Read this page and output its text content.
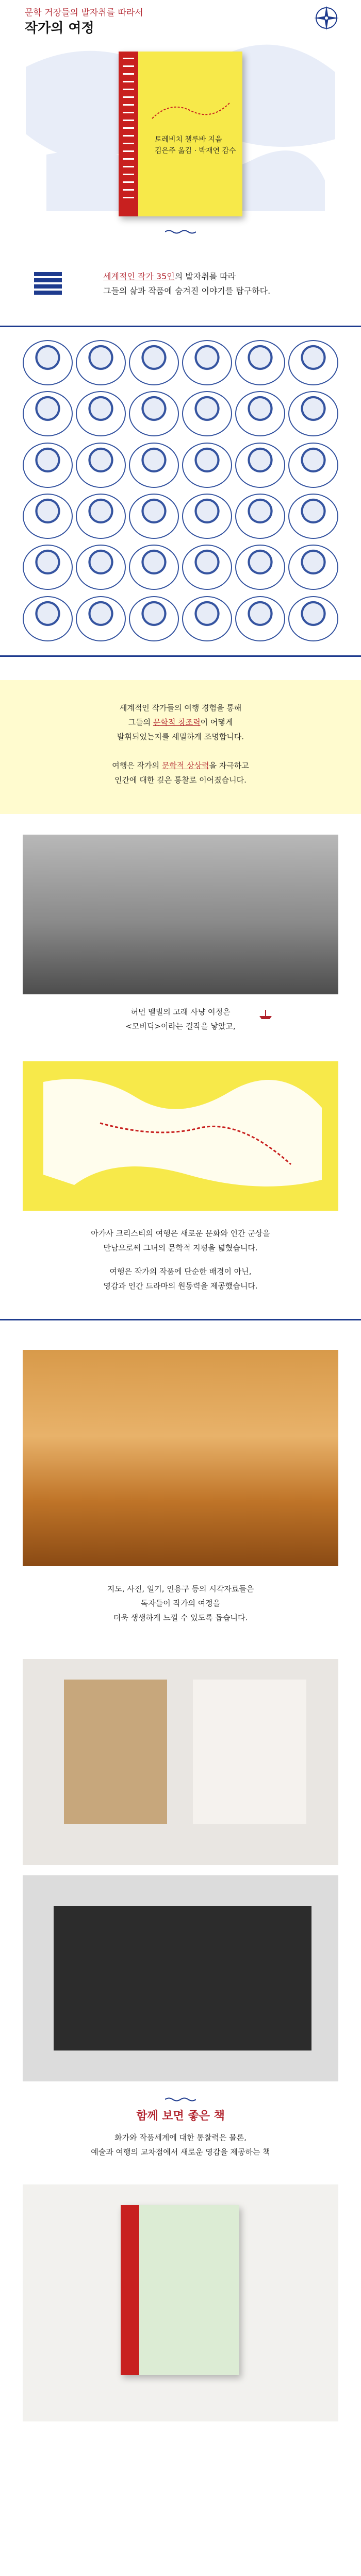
문학 거장들의 발자취를 따라서
작가의 여정
토레비치 챌루바 지음
김은주 옮김 · 박재연 감수
세계적인 작가 35인의 발자취를 따라
그들의 삶과 작품에 숨겨진 이야기를 탐구하다.
세계적인 작가들의 여행 경험을 통해
그들의 문학적 창조력이 어떻게
발휘되었는지를 세밀하게 조명합니다.
여행은 작가의 문학적 상상력을 자극하고
인간에 대한 깊은 통찰로 이어졌습니다.
허먼 멜빌의 고래 사냥 여정은
<모비딕>이라는 걸작을 낳았고,
아가사 크리스티의 여행은 새로운 문화와 인간 군상을
만남으로써 그녀의 문학적 지평을 넓혔습니다.
여행은 작가의 작품에 단순한 배경이 아닌,
영감과 인간 드라마의 원동력을 제공했습니다.
지도, 사진, 일기, 인용구 등의 시각자료들은
독자들이 작가의 여정을
더욱 생생하게 느낄 수 있도록 돕습니다.
함께 보면 좋은 책
화가와 작품세계에 대한 통찰력은 물론,
예술과 여행의 교차점에서 새로운 영감을 제공하는 책
